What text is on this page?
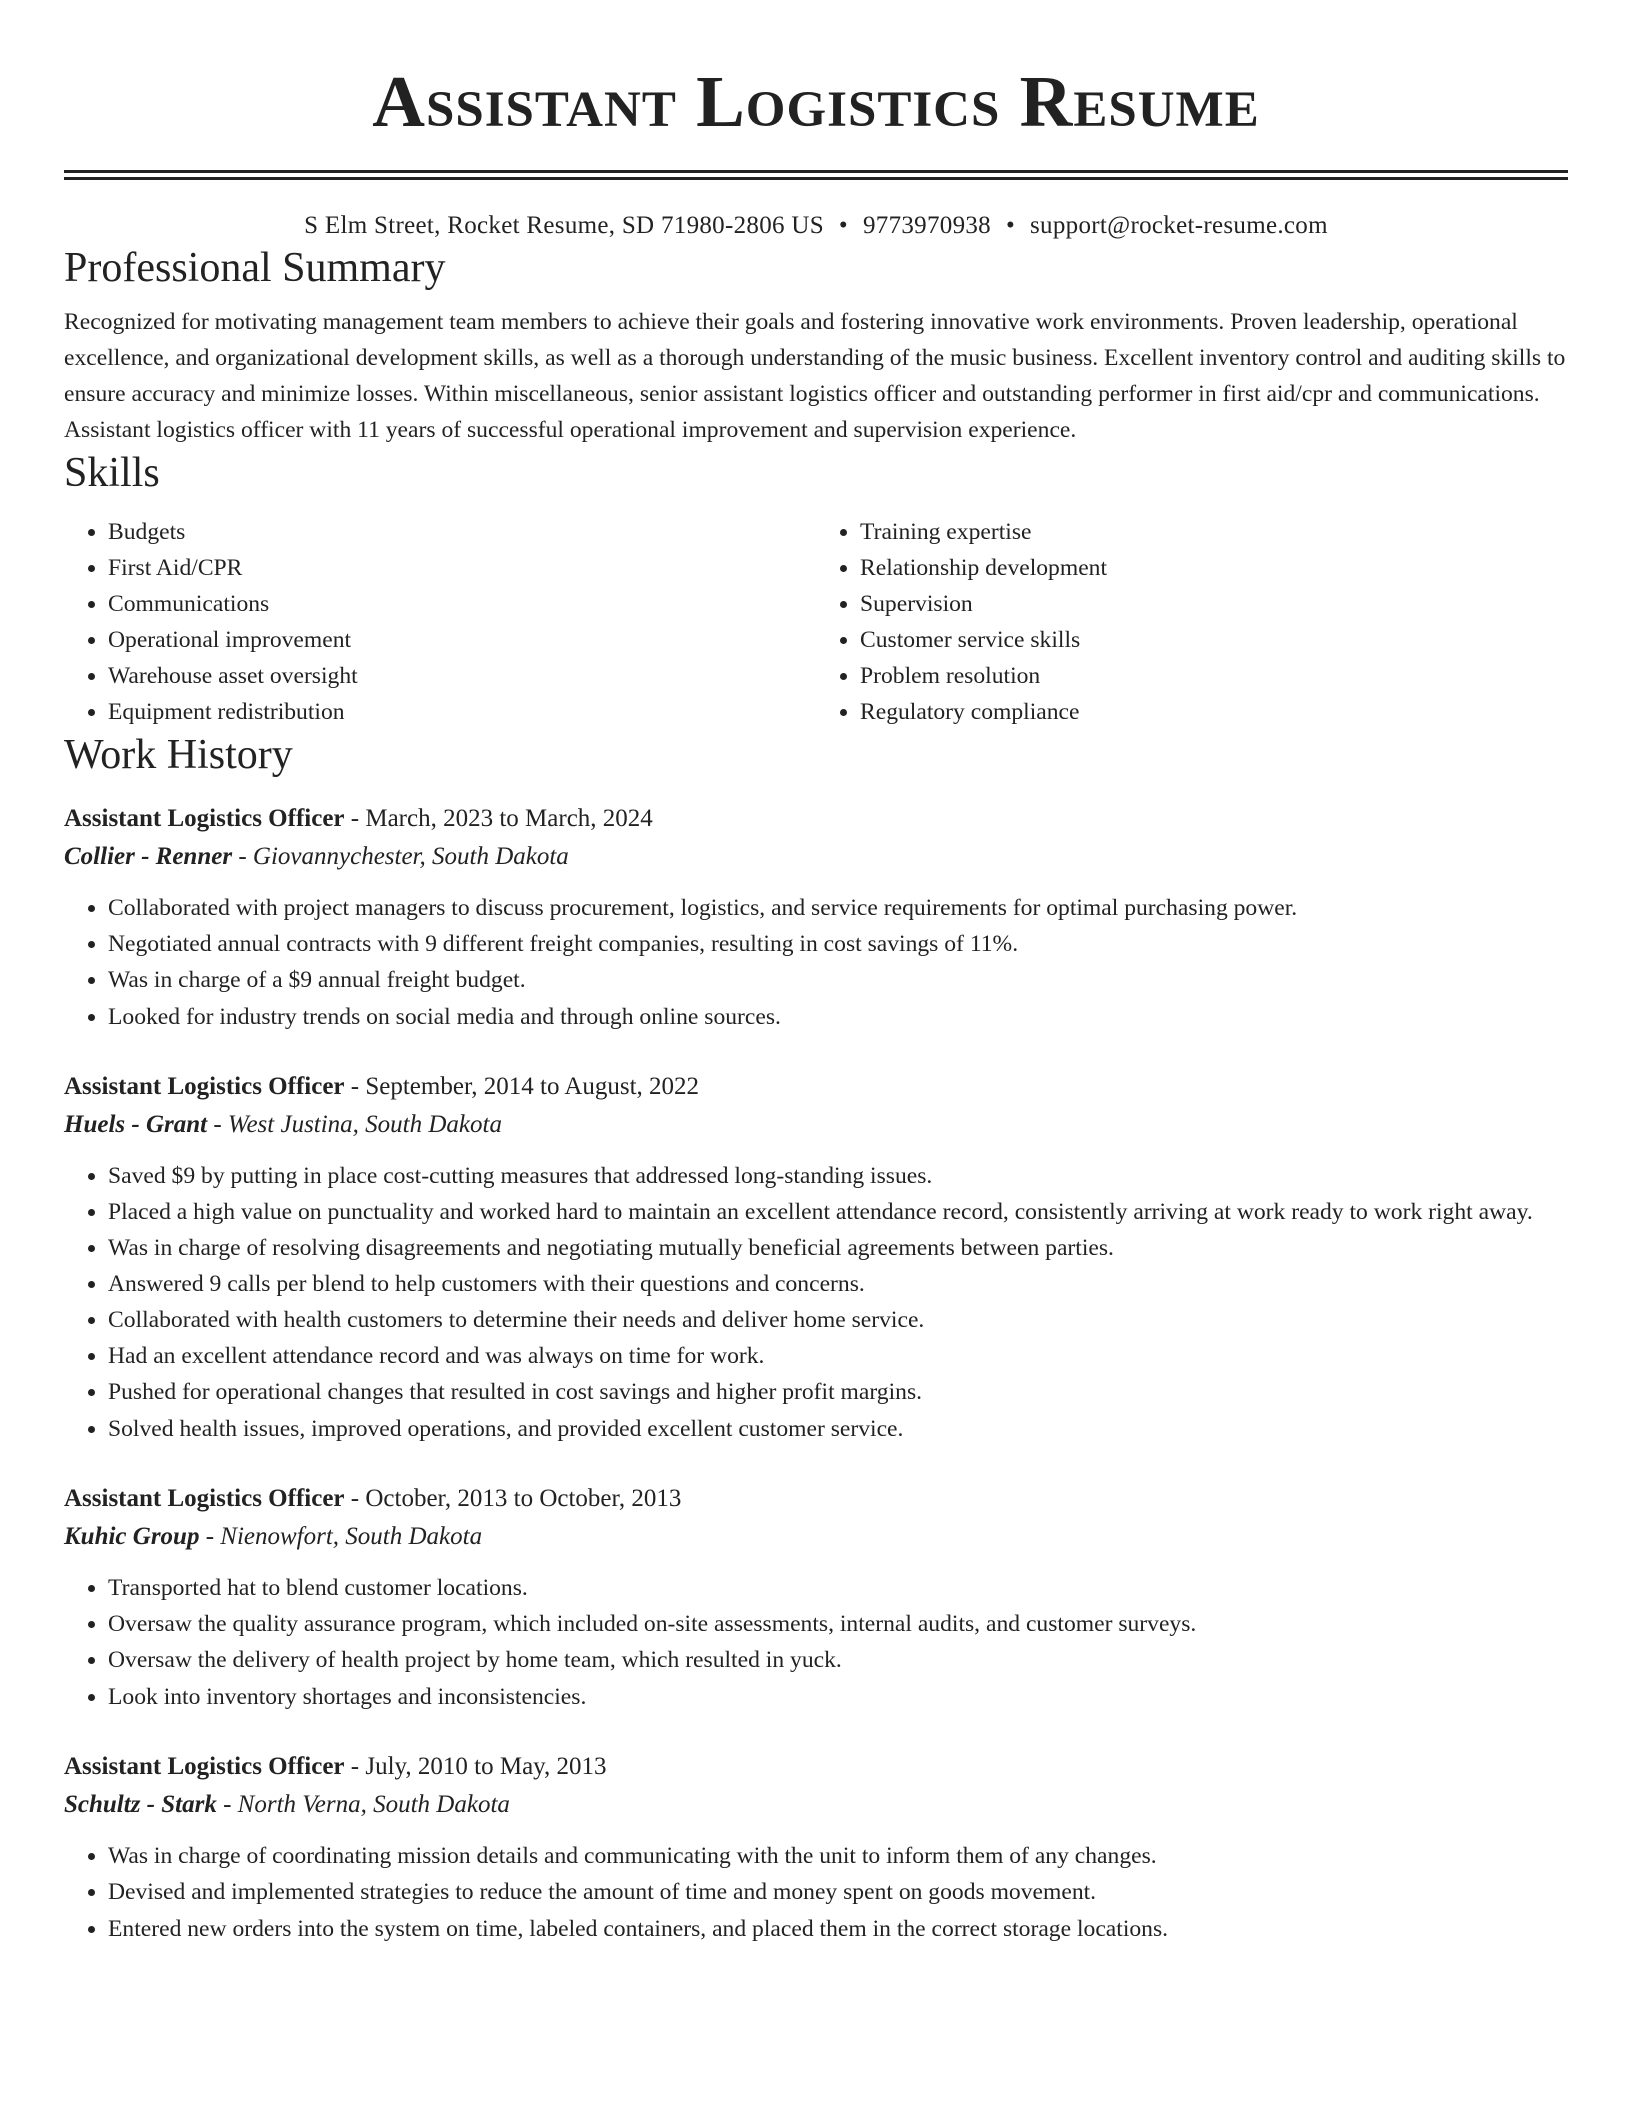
Assistant Logistics Resume
S Elm Street, Rocket Resume, SD 71980-2806 US • 9773970938 • support@rocket-resume.com
Professional Summary

Recognized for motivating management team members to achieve their goals and fostering innovative work environments. Proven leadership, operational excellence, and organizational development skills, as well as a thorough understanding of the music business. Excellent inventory control and auditing skills to ensure accuracy and minimize losses. Within miscellaneous, senior assistant logistics officer and outstanding performer in first aid/cpr and communications. Assistant logistics officer with 11 years of successful operational improvement and supervision experience.

Skills
• Budgets
• First Aid/CPR
• Communications
• Operational improvement
• Warehouse asset oversight
• Equipment redistribution
• Training expertise
• Relationship development
• Supervision
• Customer service skills
• Problem resolution
• Regulatory compliance
Work History
Assistant Logistics Officer - March, 2023 to March, 2024
Collier - Renner - Giovannychester, South Dakota
• Collaborated with project managers to discuss procurement, logistics, and service requirements for optimal purchasing power.
• Negotiated annual contracts with 9 different freight companies, resulting in cost savings of 11%.
• Was in charge of a $9 annual freight budget.
• Looked for industry trends on social media and through online sources.
Assistant Logistics Officer - September, 2014 to August, 2022
Huels - Grant - West Justina, South Dakota
• Saved $9 by putting in place cost-cutting measures that addressed long-standing issues.
• Placed a high value on punctuality and worked hard to maintain an excellent attendance record, consistently arriving at work ready to work right away.
• Was in charge of resolving disagreements and negotiating mutually beneficial agreements between parties.
• Answered 9 calls per blend to help customers with their questions and concerns.
• Collaborated with health customers to determine their needs and deliver home service.
• Had an excellent attendance record and was always on time for work.
• Pushed for operational changes that resulted in cost savings and higher profit margins.
• Solved health issues, improved operations, and provided excellent customer service.
Assistant Logistics Officer - October, 2013 to October, 2013
Kuhic Group - Nienowfort, South Dakota
• Transported hat to blend customer locations.
• Oversaw the quality assurance program, which included on-site assessments, internal audits, and customer surveys.
• Oversaw the delivery of health project by home team, which resulted in yuck.
• Look into inventory shortages and inconsistencies.
Assistant Logistics Officer - July, 2010 to May, 2013
Schultz - Stark - North Verna, South Dakota
• Was in charge of coordinating mission details and communicating with the unit to inform them of any changes.
• Devised and implemented strategies to reduce the amount of time and money spent on goods movement.
• Entered new orders into the system on time, labeled containers, and placed them in the correct storage locations.
